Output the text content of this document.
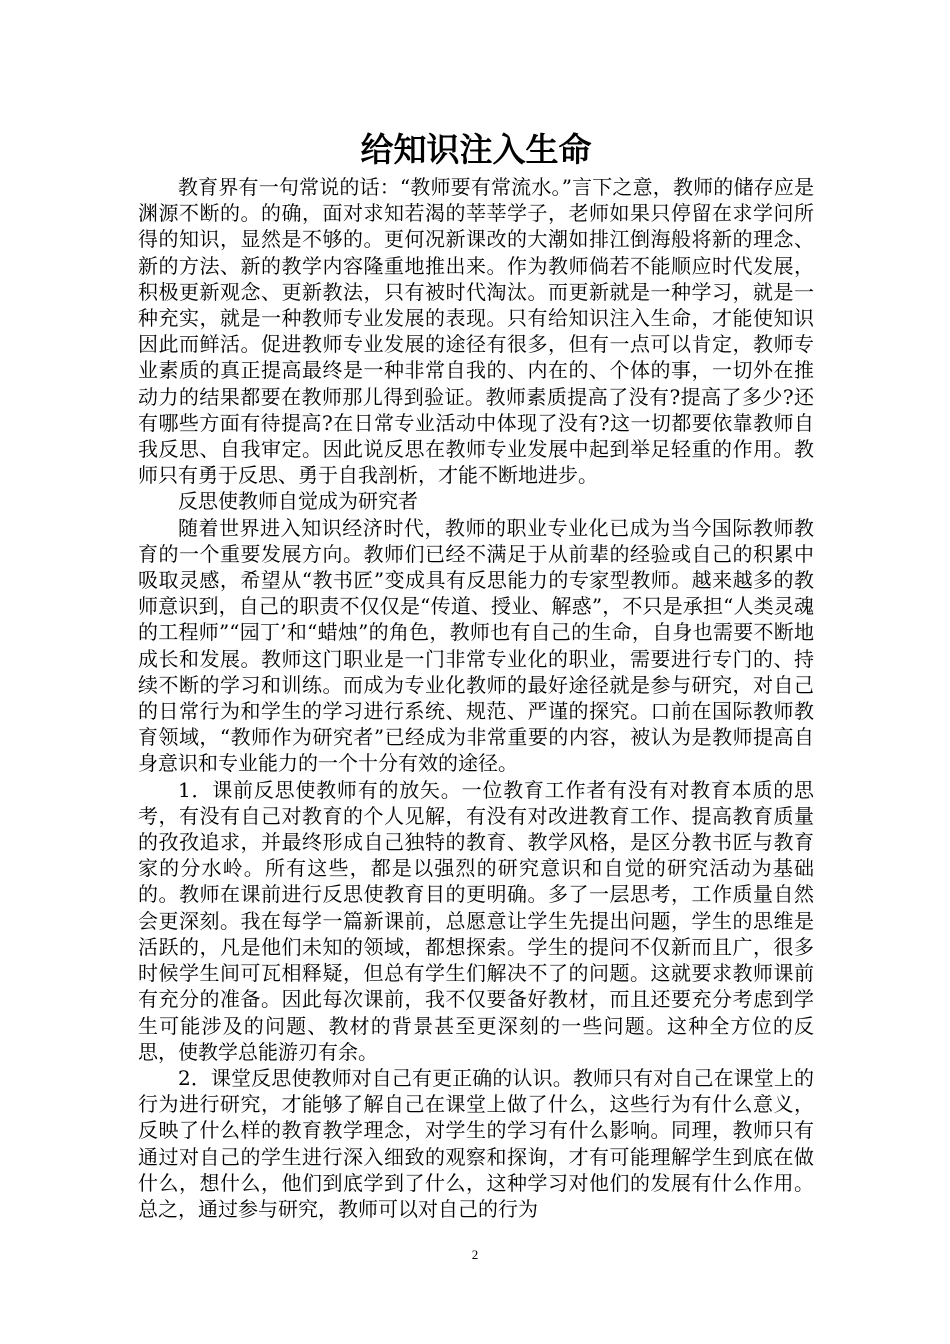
给知识注入生命

教育界有一句常说的话：“教师要有常流水。”言下之意，教师的储存应是渊源不断的。的确，面对求知若渴的莘莘学子，老师如果只停留在求学问所得的知识，显然是不够的。更何况新课改的大潮如排江倒海般将新的理念、新的方法、新的教学内容隆重地推出来。作为教师倘若不能顺应时代发展，积极更新观念、更新教法，只有被时代淘汰。而更新就是一种学习，就是一种充实，就是一种教师专业发展的表现。只有给知识注入生命，才能使知识因此而鲜活。促进教师专业发展的途径有很多，但有一点可以肯定，教师专业素质的真正提高最终是一种非常自我的、内在的、个体的事，一切外在推动力的结果都要在教师那儿得到验证。教师素质提高了没有?提高了多少?还有哪些方面有待提高?在日常专业活动中体现了没有?这一切都要依靠教师自我反思、自我审定。因此说反思在教师专业发展中起到举足轻重的作用。教师只有勇于反思、勇于自我剖析，才能不断地进步。

反思使教师自觉成为研究者

随着世界进入知识经济时代，教师的职业专业化已成为当今国际教师教育的一个重要发展方向。教师们已经不满足于从前辈的经验或自己的积累中吸取灵感，希望从“教书匠”变成具有反思能力的专家型教师。越来越多的教师意识到，自己的职责不仅仅是“传道、授业、解惑”，不只是承担“人类灵魂的工程师”“园丁’和“蜡烛”的角色，教师也有自己的生命，自身也需要不断地成长和发展。教师这门职业是一门非常专业化的职业，需要进行专门的、持续不断的学习和训练。而成为专业化教师的最好途径就是参与研究，对自己的日常行为和学生的学习进行系统、规范、严谨的探究。口前在国际教师教育领域，“教师作为研究者”已经成为非常重要的内容，被认为是教师提高自身意识和专业能力的一个十分有效的途径。

1．课前反思使教师有的放矢。一位教育工作者有没有对教育本质的思考，有没有自己对教育的个人见解，有没有对改进教育工作、提高教育质量的孜孜追求，并最终形成自己独特的教育、教学风格，是区分教书匠与教育家的分水岭。所有这些，都是以强烈的研究意识和自觉的研究活动为基础的。教师在课前进行反思使教育目的更明确。多了一层思考，工作质量自然会更深刻。我在每学一篇新课前，总愿意让学生先提出问题，学生的思维是活跃的，凡是他们未知的领域，都想探索。学生的提问不仅新而且广，很多时候学生间可瓦相释疑，但总有学生们解决不了的问题。这就要求教师课前有充分的准备。因此每次课前，我不仅要备好教材，而且还要充分考虑到学生可能涉及的问题、教材的背景甚至更深刻的一些问题。这种全方位的反思，使教学总能游刃有余。

2．课堂反思使教师对自己有更正确的认识。教师只有对自己在课堂上的行为进行研究，才能够了解自己在课堂上做了什么，这些行为有什么意义，反映了什么样的教育教学理念，对学生的学习有什么影响。同理，教师只有通过对自己的学生进行深入细致的观察和探询，才有可能理解学生到底在做什么，想什么，他们到底学到了什么，这种学习对他们的发展有什么作用。总之，通过参与研究，教师可以对自己的行为

2
